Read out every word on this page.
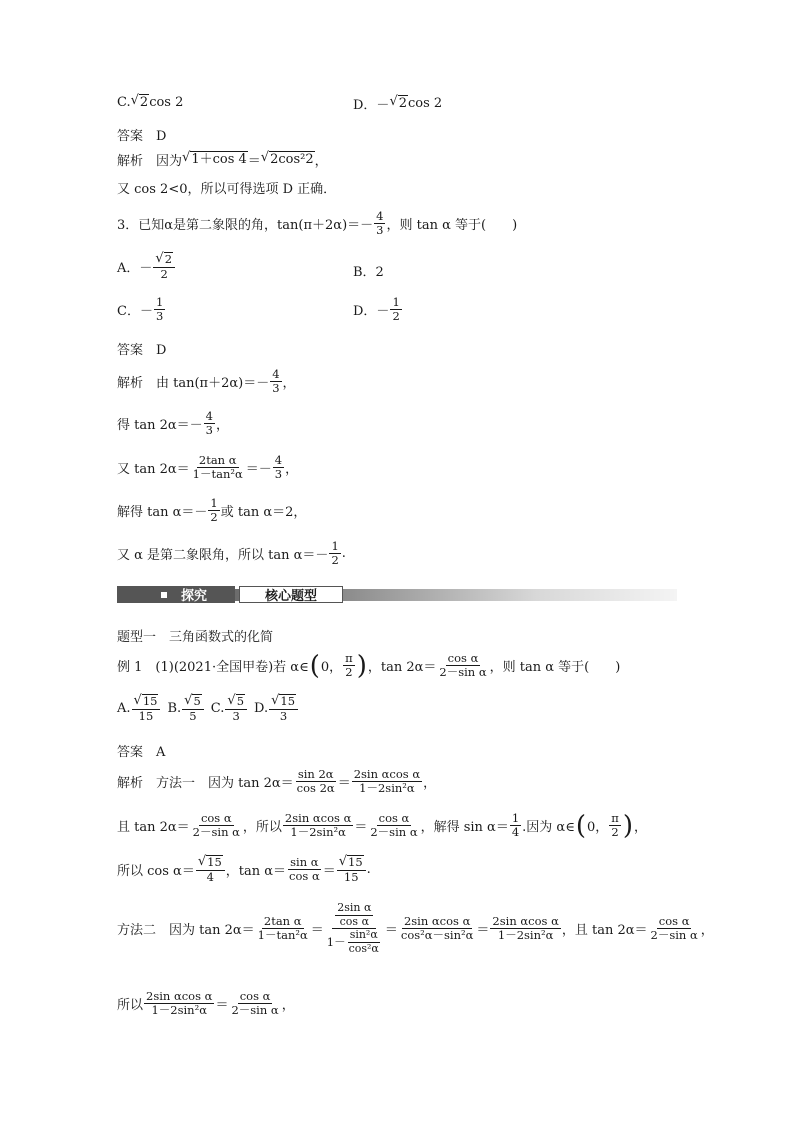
C. √ 2 cos 2	D．－ √ 2 cos 2
答案　D
解析　因为 √ 1＋cos 4 ＝ √ 2cos²2 ，
又 cos 2<0，所以可得选项 D 正确．
3．已知α是第二象限的角，$\tan(\pi+2\alpha)=- \frac{4}{3}$ ，则 tan α 等于(　　)
A．－ $\frac{√ 2}{2}$	B．2
C．－ $\frac{1}{3}$	D．－ $\frac{1}{2}$
答案　D
解析　由 $\tan(\pi+2\alpha)=- \frac{4}{3}$ ，
得 $\tan 2\alpha=- \frac{4}{3}$ ，
又 $\tan 2\alpha= \frac{\text{2tan α}}{\text{1－tan²α}} =- \frac{4}{3}$ ，
解得 $\tan \alpha=- \frac{1}{2}$ 或 tan α＝2，
又 α 是第二象限角，所以 $\tan \alpha=- \frac{1}{2}$ .
探究	核心题型
题型一　三角函数式的化简
例 1　(1)(2021·全国甲卷)若 α∈ ( 0， $\frac{\pi}{2}$ ) ，$\tan 2\alpha= \frac{\text{cos α}}{\text{2－sin α}}$ ，则 tan α 等于(　　)
A. $\frac{√ 15}{15} B$. $\frac{√ 5}{5} C$. $\frac{√ 5}{3} D$. $\frac{√ 15}{3}$
答案　A
解析　方法一　因为 $\tan 2\alpha= \frac{\sin 2\alpha}{\cos 2\alpha} = \frac{\text{2sin αcos α}}{\text{1－2sin²α}}$ ，
且 $\tan 2\alpha= \frac{\text{cos α}}{\text{2－sin α}}$ ，所以 $\frac{\text{2sin αcos α}}{\text{1－2sin²α}} = \frac{\text{cos α}}{\text{2－sin α}}$ ，解得 $\sin \alpha= \frac{1}{4}$ .因为 α∈ ( 0， $\frac{\pi}{2}$ ) ，
所以 $\cos \alpha= \frac{√ 15}{4}$ ，$\tan \alpha= \frac{\text{sin α}}{\text{cos α}} = \frac{√ 15}{15}$ .
方法二　因为 $\tan 2\alpha= \frac{\text{2tan α}}{\text{1－tan²α}} = \frac{\frac{\text{2sin α}}{\text{cos α}}}{1- \frac{\text{sin²α}}{\text{cos²α}}} = \frac{\text{2sin αcos α}}{\text{cos²α－sin²α}} = \frac{\text{2sin αcos α}}{\text{1－2sin²α}}$ ，且 $\tan 2\alpha= \frac{\text{cos α}}{\text{2－sin α}}$ ，
所以 $\frac{\text{2sin αcos α}}{\text{1－2sin²α}} = \frac{\text{cos α}}{\text{2－sin α}}$ ，
